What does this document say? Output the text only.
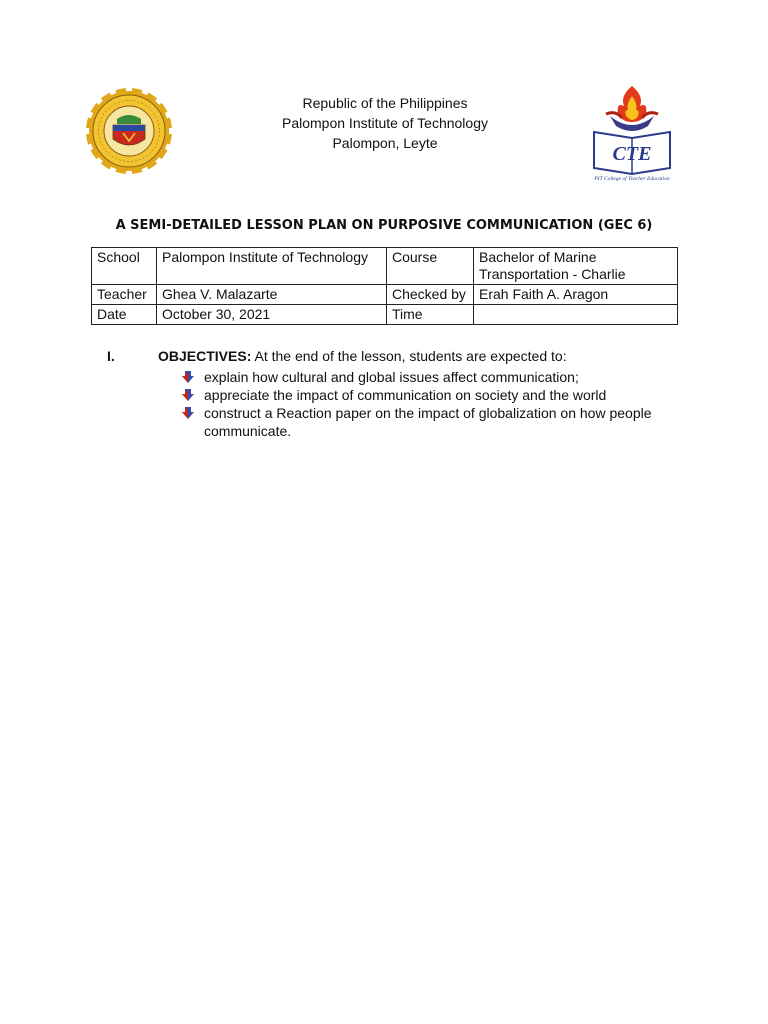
Republic of the Philippines
Palompon Institute of Technology
Palompon, Leyte	CTE
PIT College of Teacher Education
A SEMI-DETAILED LESSON PLAN ON PURPOSIVE COMMUNICATION (GEC 6)
School	Palompon Institute of Technology	Course	Bachelor of Marine Transportation - Charlie
Teacher	Ghea V. Malazarte	Checked by	Erah Faith A. Aragon
Date	October 30, 2021	Time	
I.	OBJECTIVES: At the end of the lesson, students are expected to:
explain how cultural and global issues affect communication;
appreciate the impact of communication on society and the world
construct a Reaction paper on the impact of globalization on how people communicate.
